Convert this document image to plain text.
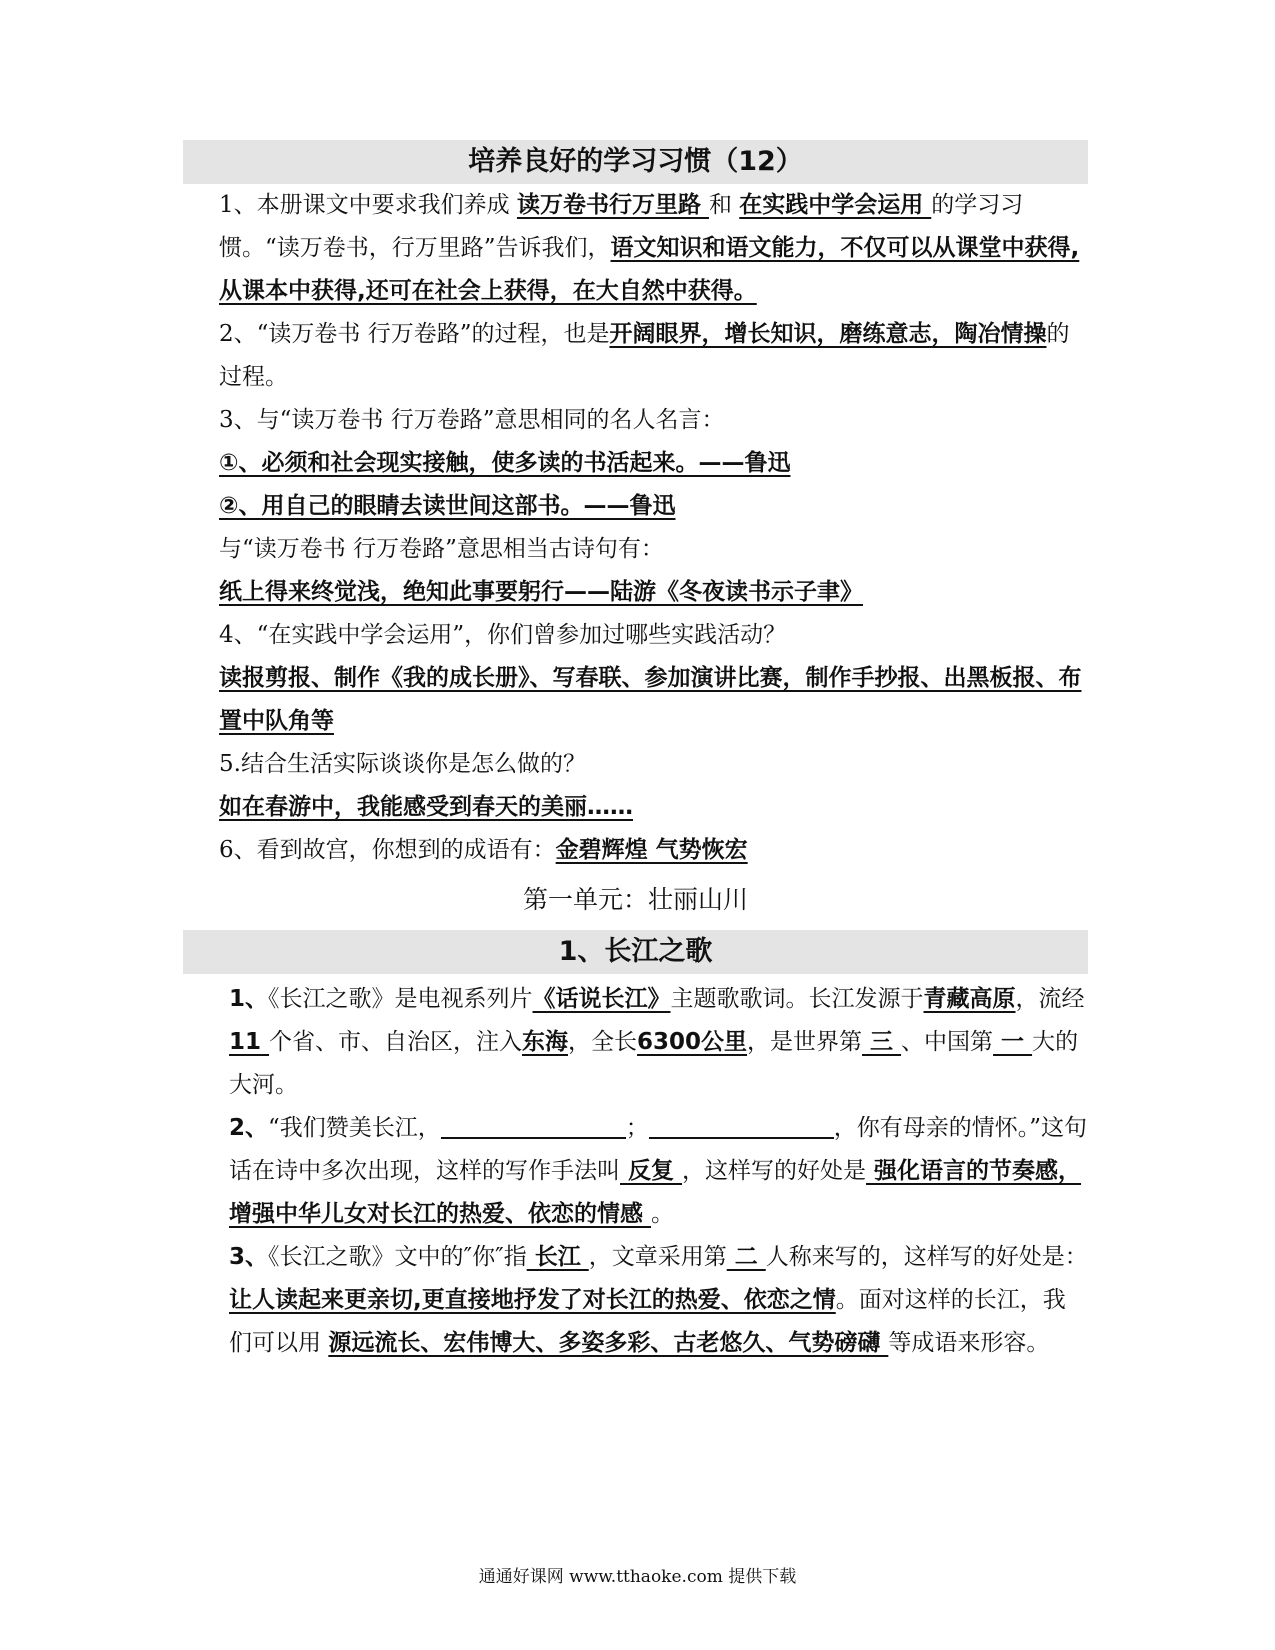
培养良好的学习习惯（12）

1、本册课文中要求我们养成 读万卷书行万里路 和 在实践中学会运用 的学习习惯。“读万卷书，行万里路”告诉我们，语文知识和语文能力，不仅可以从课堂中获得,从课本中获得,还可在社会上获得，在大自然中获得。

2、“读万卷书 行万卷路”的过程，也是开阔眼界，增长知识，磨练意志，陶冶情操的过程。

3、与“读万卷书 行万卷路”意思相同的名人名言：

①、必须和社会现实接触，使多读的书活起来。——鲁迅

②、用自己的眼睛去读世间这部书。——鲁迅

与“读万卷书 行万卷路”意思相当古诗句有：

纸上得来终觉浅，绝知此事要躬行——陆游《冬夜读书示子聿》

4、“在实践中学会运用”，你们曾参加过哪些实践活动？

读报剪报、制作《我的成长册》、写春联、参加演讲比赛，制作手抄报、出黑板报、布置中队角等

5.结合生活实际谈谈你是怎么做的？

如在春游中，我能感受到春天的美丽……

6、看到故宫，你想到的成语有：金碧辉煌 气势恢宏

第一单元：壮丽山川
1、长江之歌

1、《长江之歌》是电视系列片《话说长江》主题歌歌词。长江发源于青藏高原，流经11 个省、市、自治区，注入东海，全长6300公里，是世界第 三 、中国第 一 大的大河。

2、“我们赞美长江，	；	，你有母亲的情怀。”这句话在诗中多次出现，这样的写作手法叫 反复 ，这样写的好处是 强化语言的节奏感，增强中华儿女对长江的热爱、依恋的情感 。

3、《长江之歌》文中的″你″指 长江 ，文章采用第 二 人称来写的，这样写的好处是：让人读起来更亲切,更直接地抒发了对长江的热爱、依恋之情。面对这样的长江，我们可以用 源远流长、宏伟博大、多姿多彩、古老悠久、气势磅礴 等成语来形容。

通通好课网 www.tthaoke.com 提供下载
